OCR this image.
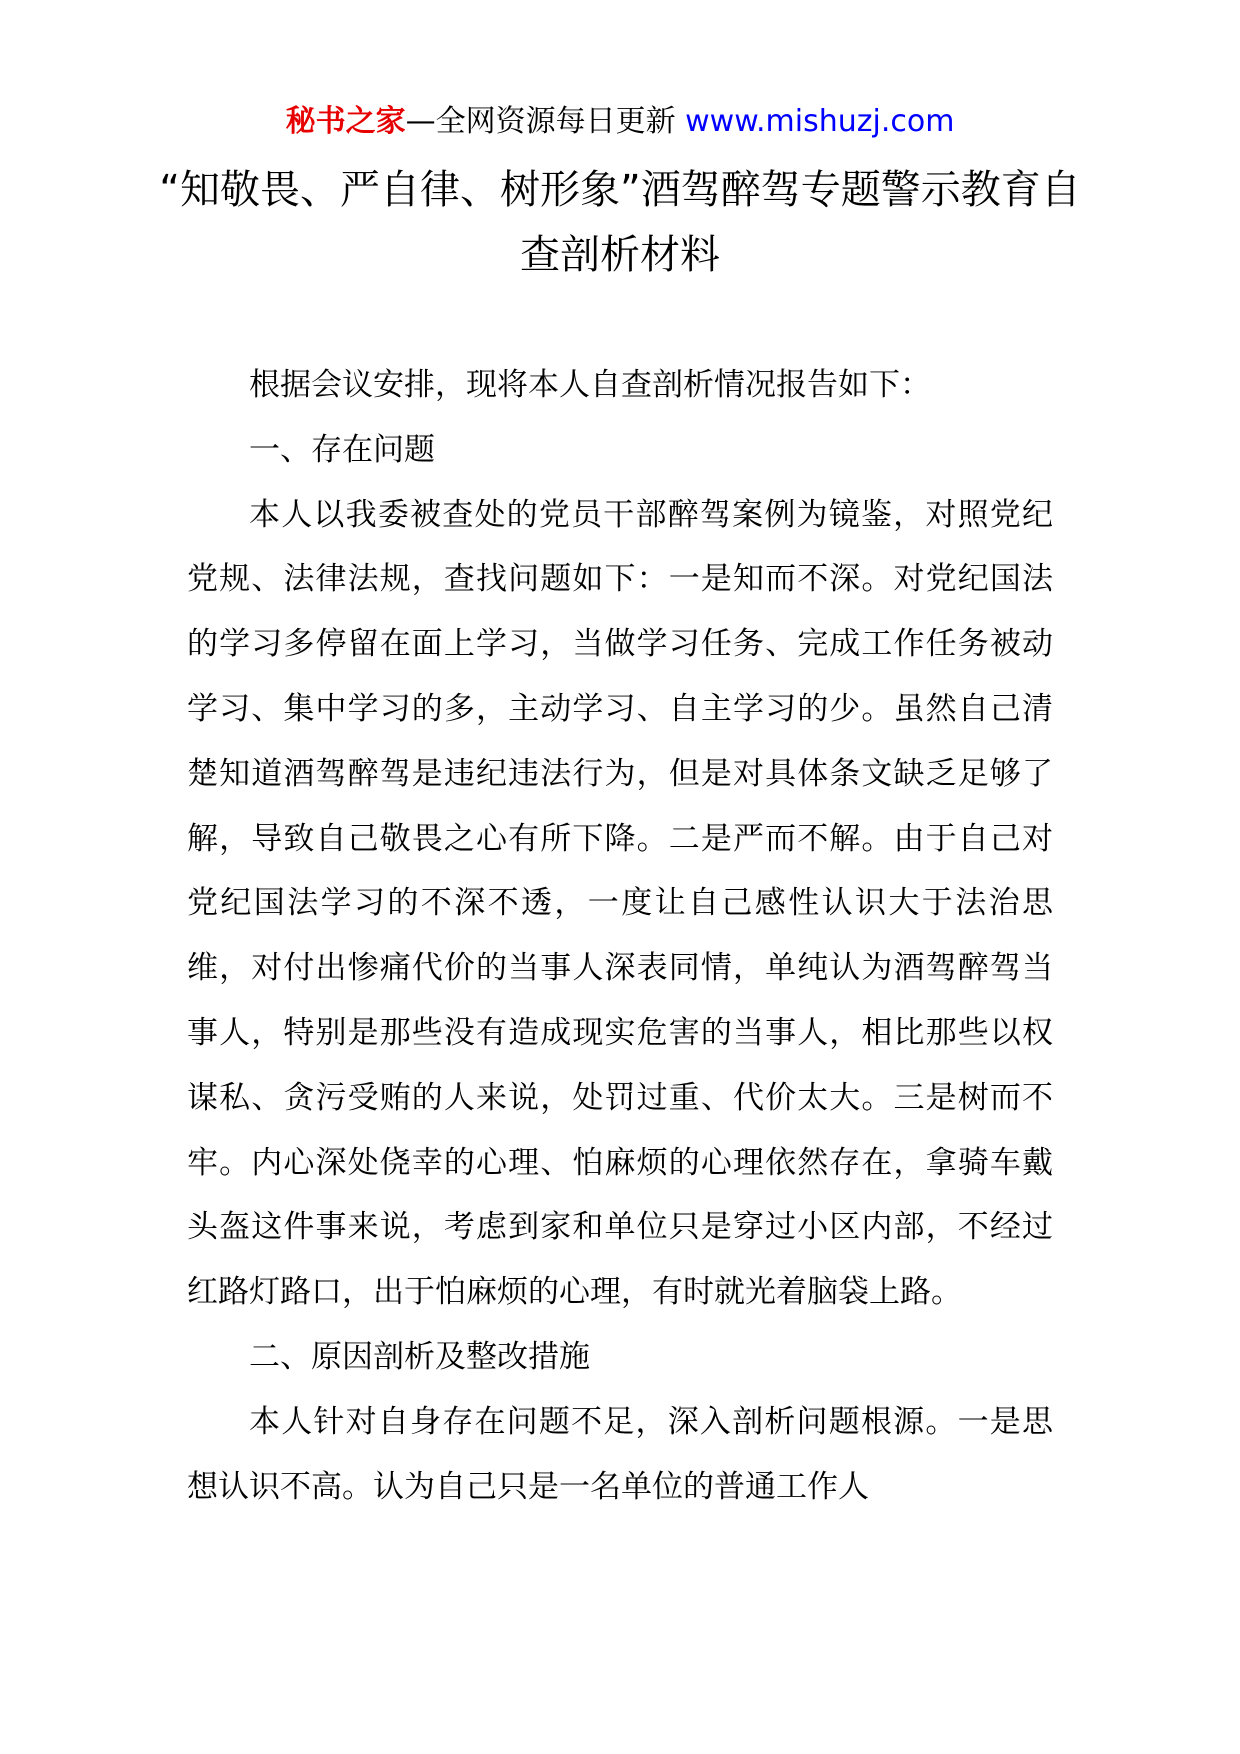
秘书之家—全网资源每日更新 www.mishuzj.com
“知敬畏、严自律、树形象”酒驾醉驾专题警示教育自查剖析材料

根据会议安排，现将本人自查剖析情况报告如下：

一、存在问题

本人以我委被查处的党员干部醉驾案例为镜鉴，对照党纪党规、法律法规，查找问题如下：一是知而不深。对党纪国法的学习多停留在面上学习，当做学习任务、完成工作任务被动学习、集中学习的多，主动学习、自主学习的少。虽然自己清楚知道酒驾醉驾是违纪违法行为，但是对具体条文缺乏足够了解，导致自己敬畏之心有所下降。二是严而不解。由于自己对党纪国法学习的不深不透，一度让自己感性认识大于法治思维，对付出惨痛代价的当事人深表同情，单纯认为酒驾醉驾当事人，特别是那些没有造成现实危害的当事人，相比那些以权谋私、贪污受贿的人来说，处罚过重、代价太大。三是树而不牢。内心深处侥幸的心理、怕麻烦的心理依然存在，拿骑车戴头盔这件事来说，考虑到家和单位只是穿过小区内部，不经过红路灯路口，出于怕麻烦的心理，有时就光着脑袋上路。

二、原因剖析及整改措施

本人针对自身存在问题不足，深入剖析问题根源。一是思想认识不高。认为自己只是一名单位的普通工作人
